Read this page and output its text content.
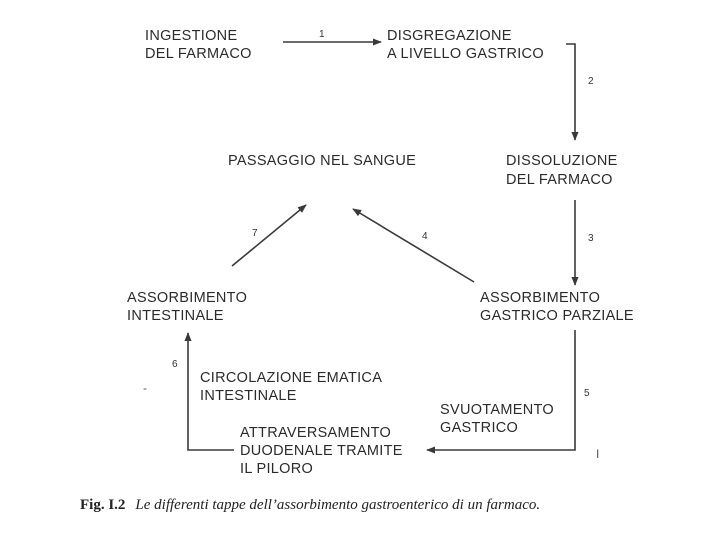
INGESTIONE
DEL FARMACO
DISGREGAZIONE
A LIVELLO GASTRICO
DISSOLUZIONE
DEL FARMACO
PASSAGGIO NEL SANGUE
ASSORBIMENTO
GASTRICO PARZIALE
ASSORBIMENTO
INTESTINALE
CIRCOLAZIONE EMATICA
INTESTINALE
SVUOTAMENTO
GASTRICO
ATTRAVERSAMENTO
DUODENALE TRAMITE
IL PILORO
1
2
3
4
5
6
7
-
I
Fig. I.2 Le differenti tappe dell’assorbimento gastroenterico di un farmaco.
